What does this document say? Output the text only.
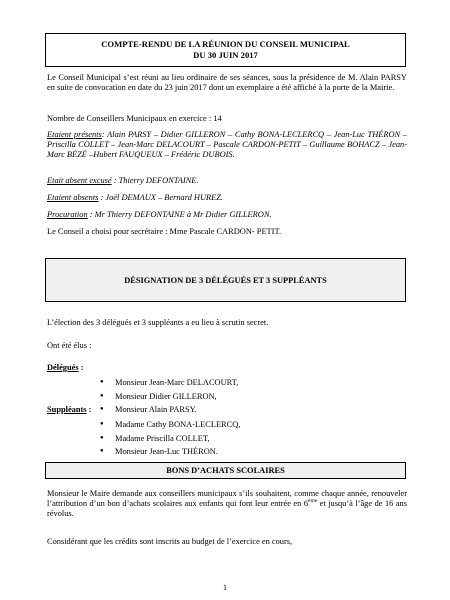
COMPTE-RENDU DE LA RÉUNION DU CONSEIL MUNICIPAL
DU 30 JUIN 2017

Le Conseil Municipal s’est réuni au lieu ordinaire de ses séances, sous la présidence de M. Alain PARSY en suite de convocation en date du 23 juin 2017 dont un exemplaire a été affiché à la porte de la Mairie.

Nombre de Conseillers Municipaux en exercice : 14

Etaient présents: Alain PARSY – Didier GILLERON – Cathy BONA-LECLERCQ – Jean-Luc THÉRON – Priscilla COLLET – Jean-Marc DELACOURT – Pascale CARDON-PETIT – Guillaume BOHACZ – Jean-Marc BÉZÉ –Hubert FAUQUEUX – Frédéric DUBOIS.

Etait absent excusé : Thierry DEFONTAINE.

Etaient absents : Joël DEMAUX – Bernard HUREZ.

Procuration : Mr Thierry DEFONTAINE à Mr Didier GILLERON.

Le Conseil a choisi pour secrétaire : Mme Pascale CARDON- PETIT.

DÉSIGNATION DE 3 DÉLÉGUÉS ET 3 SUPPLÉANTS

L’élection des 3 délégués et 3 suppléants a eu lieu à scrutin secret.

Ont été élus :

Délégués :

● Monsieur Jean-Marc DELACOURT,
● Monsieur Didier GILLERON,
● Monsieur Alain PARSY.

Suppléants :

● Madame Cathy BONA-LECLERCQ,
● Madame Priscilla COLLET,
● Monsieur Jean-Luc THÉRON.
BONS D’ACHATS SCOLAIRES

Monsieur le Maire demande aux conseillers municipaux s’ils souhaitent, comme chaque année, renouveler l’attribution d’un bon d’achats scolaires aux enfants qui font leur entrée en 6ème et jusqu’à l’âge de 16 ans révolus.

Considérant que les crédits sont inscrits au budget de l’exercice en cours,

1
